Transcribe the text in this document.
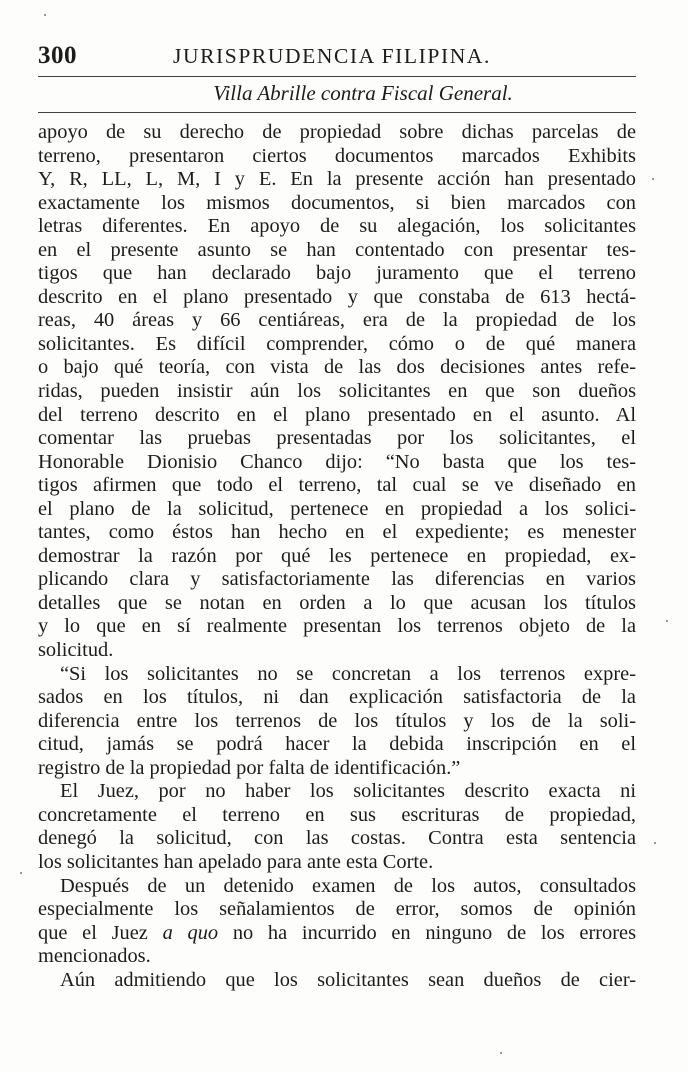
300	JURISPRUDENCIA FILIPINA.
Villa Abrille contra Fiscal General.
apoyo de su derecho de propiedad sobre dichas parcelas de
terreno, presentaron ciertos documentos marcados Exhibits
Y, R, LL, L, M, I y E. En la presente acción han presentado
exactamente los mismos documentos, si bien marcados con
letras diferentes. En apoyo de su alegación, los solicitantes
en el presente asunto se han contentado con presentar tes-
tigos que han declarado bajo juramento que el terreno
descrito en el plano presentado y que constaba de 613 hectá-
reas, 40 áreas y 66 centiáreas, era de la propiedad de los
solicitantes. Es difícil comprender, cómo o de qué manera
o bajo qué teoría, con vista de las dos decisiones antes refe-
ridas, pueden insistir aún los solicitantes en que son dueños
del terreno descrito en el plano presentado en el asunto. Al
comentar las pruebas presentadas por los solicitantes, el
Honorable Dionisio Chanco dijo: “No basta que los tes-
tigos afirmen que todo el terreno, tal cual se ve diseñado en
el plano de la solicitud, pertenece en propiedad a los solici-
tantes, como éstos han hecho en el expediente; es menester
demostrar la razón por qué les pertenece en propiedad, ex-
plicando clara y satisfactoriamente las diferencias en varios
detalles que se notan en orden a lo que acusan los títulos
y lo que en sí realmente presentan los terrenos objeto de la
solicitud.
“Si los solicitantes no se concretan a los terrenos expre-
sados en los títulos, ni dan explicación satisfactoria de la
diferencia entre los terrenos de los títulos y los de la soli-
citud, jamás se podrá hacer la debida inscripción en el
registro de la propiedad por falta de identificación.”
El Juez, por no haber los solicitantes descrito exacta ni
concretamente el terreno en sus escrituras de propiedad,
denegó la solicitud, con las costas. Contra esta sentencia
los solicitantes han apelado para ante esta Corte.
Después de un detenido examen de los autos, consultados
especialmente los señalamientos de error, somos de opinión
que el Juez a quo no ha incurrido en ninguno de los errores
mencionados.
Aún admitiendo que los solicitantes sean dueños de cier-
